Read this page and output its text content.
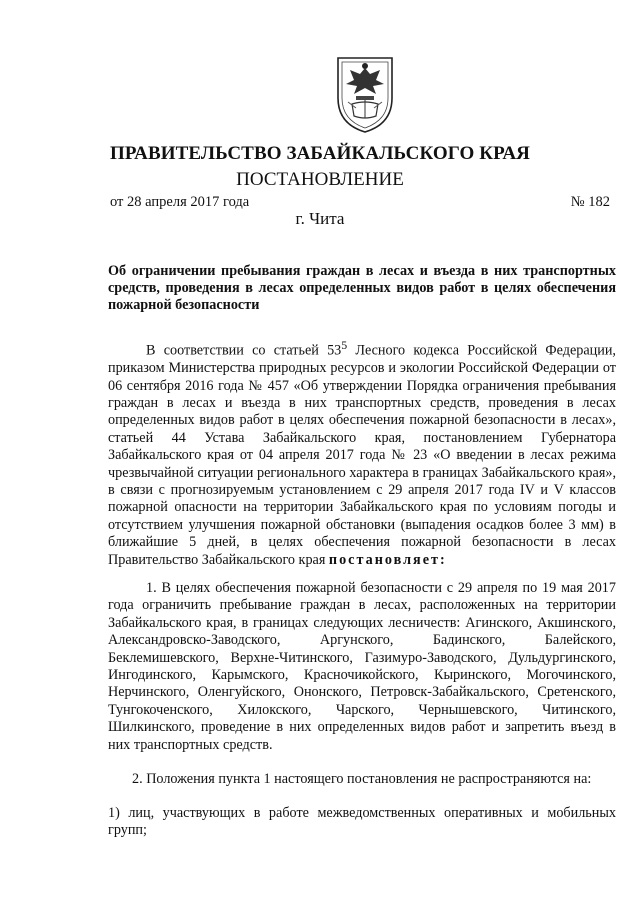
ПРАВИТЕЛЬСТВО ЗАБАЙКАЛЬСКОГО КРАЯ
ПОСТАНОВЛЕНИЕ
от 28 апреля 2017 года	№ 182
г. Чита
Об ограничении пребывания граждан в лесах и въезда в них транспортных средств, проведения в лесах определенных видов работ в целях обеспечения пожарной безопасности
В соответствии со статьей $53^5$ Лесного кодекса Российской Федерации, приказом Министерства природных ресурсов и экологии Российской Федерации от 06 сентября 2016 года № 457 «Об утверждении Порядка ограничения пребывания граждан в лесах и въезда в них транспортных средств, проведения в лесах определенных видов работ в целях обеспечения пожарной безопасности в лесах», статьей 44 Устава Забайкальского края, постановлением Губернатора Забайкальского края от 04 апреля 2017 года № 23 «О введении в лесах режима чрезвычайной ситуации регионального характера в границах Забайкальского края», в связи с прогнозируемым установлением с 29 апреля 2017 года IV и V классов пожарной опасности на территории Забайкальского края по условиям погоды и отсутствием улучшения пожарной обстановки (выпадения осадков более 3 мм) в ближайшие 5 дней, в целях обеспечения пожарной безопасности в лесах Правительство Забайкальского края постановляет:
1. В целях обеспечения пожарной безопасности с 29 апреля по 19 мая 2017 года ограничить пребывание граждан в лесах, расположенных на территории Забайкальского края, в границах следующих лесничеств: Агинского, Акшинского, Александровско-Заводского, Аргунского, Бадинского, Балейского, Беклемишевского, Верхне-Читинского, Газимуро-Заводского, Дульдургинского, Ингодинского, Карымского, Красночикойского, Кыринского, Могочинского, Нерчинского, Оленгуйского, Ононского, Петровск-Забайкальского, Сретенского, Тунгокоченского, Хилокского, Чарского, Чернышевского, Читинского, Шилкинского, проведение в них определенных видов работ и запретить въезд в них транспортных средств.
2. Положения пункта 1 настоящего постановления не распространяются на:
1) лиц, участвующих в работе межведомственных оперативных и мобильных групп;
